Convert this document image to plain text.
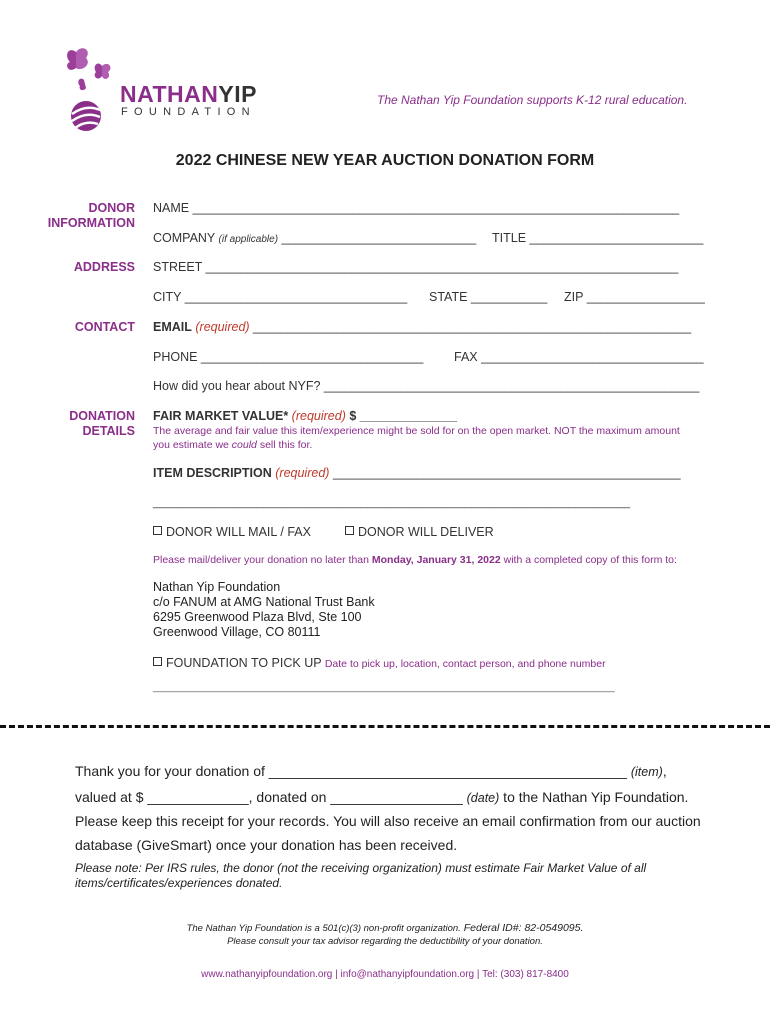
NATHANYIP
FOUNDATION
The Nathan Yip Foundation supports K-12 rural education.
2022 CHINESE NEW YEAR AUCTION DONATION FORM
DONOR INFORMATION
ADDRESS
CONTACT
DONATION DETAILS
NAME ______________________________________________________________________
COMPANY (if applicable) ____________________________ TITLE _________________________
STREET ____________________________________________________________________
CITY ________________________________ STATE ___________ ZIP _________________
EMAIL (required) _______________________________________________________________
PHONE ________________________________ FAX ________________________________
How did you hear about NYF? ______________________________________________________
FAIR MARKET VALUE* (required) $ ______________
The average and fair value this item/experience might be sold for on the open market. NOT the maximum amount
you estimate we could sell this for.
ITEM DESCRIPTION (required) __________________________________________________
______________________________________________________________________________
DONOR WILL MAIL / FAX	DONOR WILL DELIVER
Please mail/deliver your donation no later than Monday, January 31, 2022 with a completed copy of this form to:
Nathan Yip Foundation
c/o FANUM at AMG National Trust Bank
6295 Greenwood Plaza Blvd, Ste 100
Greenwood Village, CO 80111
FOUNDATION TO PICK UP Date to pick up, location, contact person, and phone number
___________________________________________________________________________________
Thank you for your donation of ______________________________________________ (item),
valued at $ _____________, donated on _________________ (date) to the Nathan Yip Foundation.
Please keep this receipt for your records. You will also receive an email confirmation from our auction
database (GiveSmart) once your donation has been received.
Please note: Per IRS rules, the donor (not the receiving organization) must estimate Fair Market Value of all
items/certificates/experiences donated.
The Nathan Yip Foundation is a 501(c)(3) non-profit organization. Federal ID#: 82-0549095.
Please consult your tax advisor regarding the deductibility of your donation.
www.nathanyipfoundation.org | info@nathanyipfoundation.org | Tel: (303) 817-8400
